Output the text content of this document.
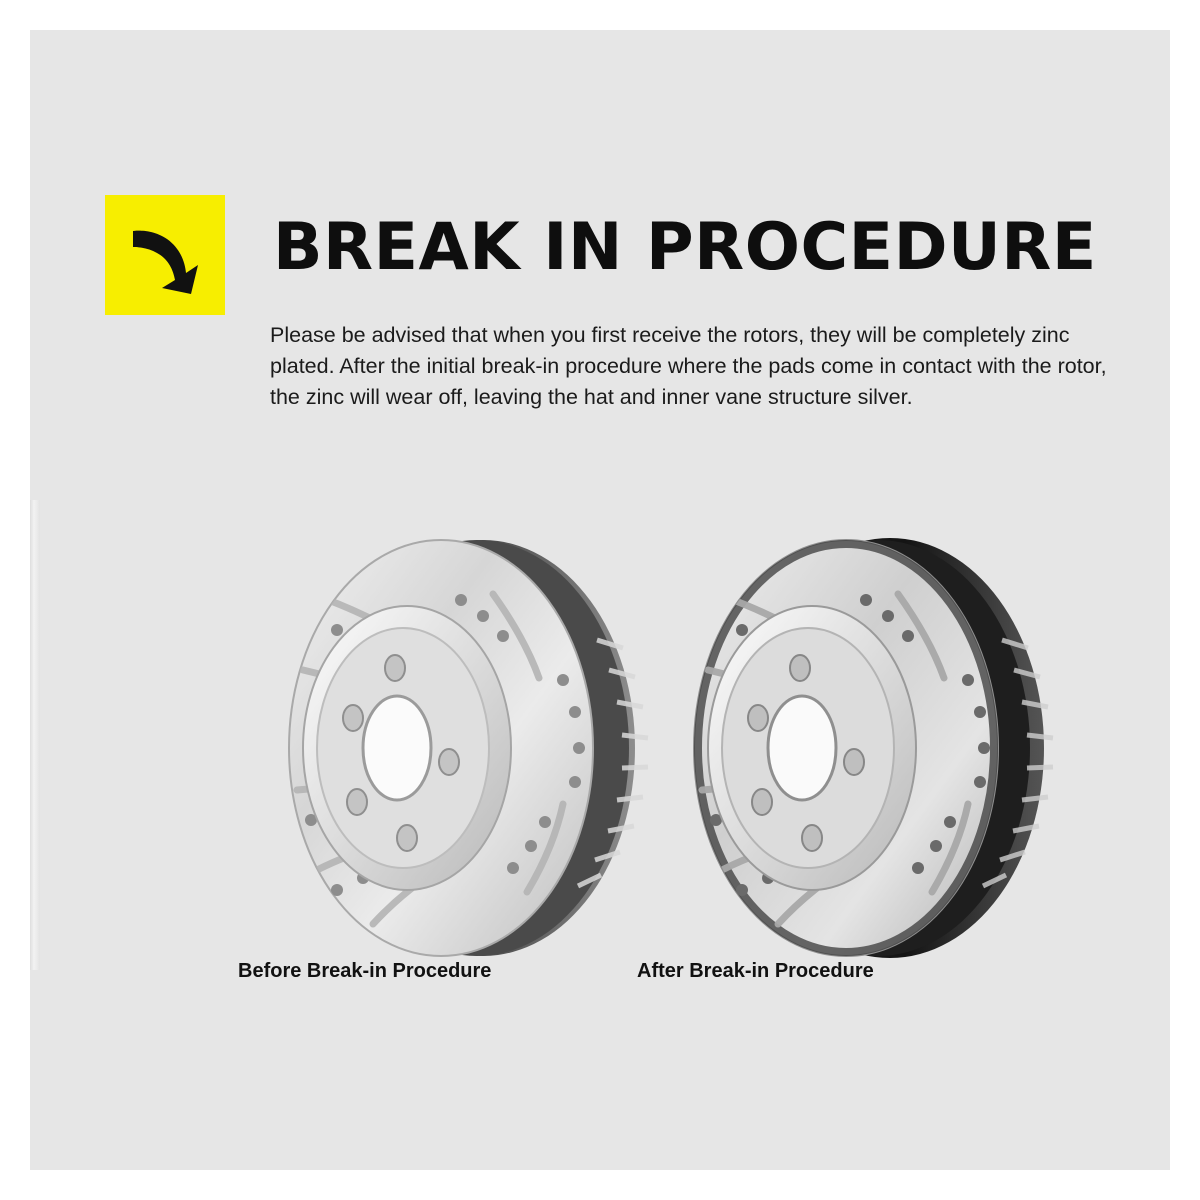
BREAK IN PROCEDURE
Please be advised that when you first receive the rotors, they will be completely zinc plated. After the initial break-in procedure where the pads come in contact with the rotor, the zinc will wear off, leaving the hat and inner vane structure silver.
Before Break-in Procedure	After Break-in Procedure
